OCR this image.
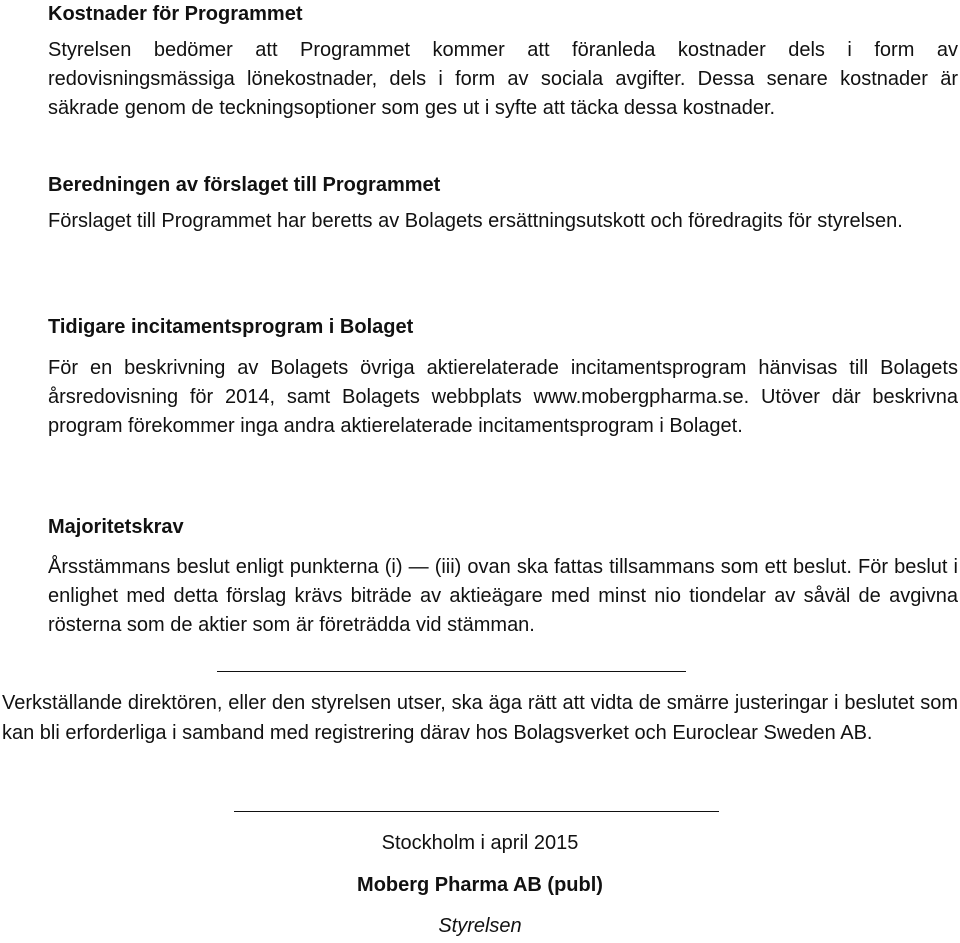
Kostnader för Programmet

Styrelsen bedömer att Programmet kommer att föranleda kostnader dels i form av redovisningsmässiga lönekostnader, dels i form av sociala avgifter. Dessa senare kostnader är säkrade genom de teckningsoptioner som ges ut i syfte att täcka dessa kostnader.

Beredningen av förslaget till Programmet

Förslaget till Programmet har beretts av Bolagets ersättningsutskott och föredragits för styrelsen.

Tidigare incitamentsprogram i Bolaget

För en beskrivning av Bolagets övriga aktierelaterade incitamentsprogram hänvisas till Bolagets årsredovisning för 2014, samt Bolagets webbplats www.mobergpharma.se. Utöver där beskrivna program förekommer inga andra aktierelaterade incitamentsprogram i Bolaget.

Majoritetskrav

Årsstämmans beslut enligt punkterna (i) — (iii) ovan ska fattas tillsammans som ett beslut. För beslut i enlighet med detta förslag krävs biträde av aktieägare med minst nio tiondelar av såväl de avgivna rösterna som de aktier som är företrädda vid stämman.

Verkställande direktören, eller den styrelsen utser, ska äga rätt att vidta de smärre justeringar i beslutet som kan bli erforderliga i samband med registrering därav hos Bolagsverket och Euroclear Sweden AB.

Stockholm i april 2015
Moberg Pharma AB (publ)
Styrelsen
